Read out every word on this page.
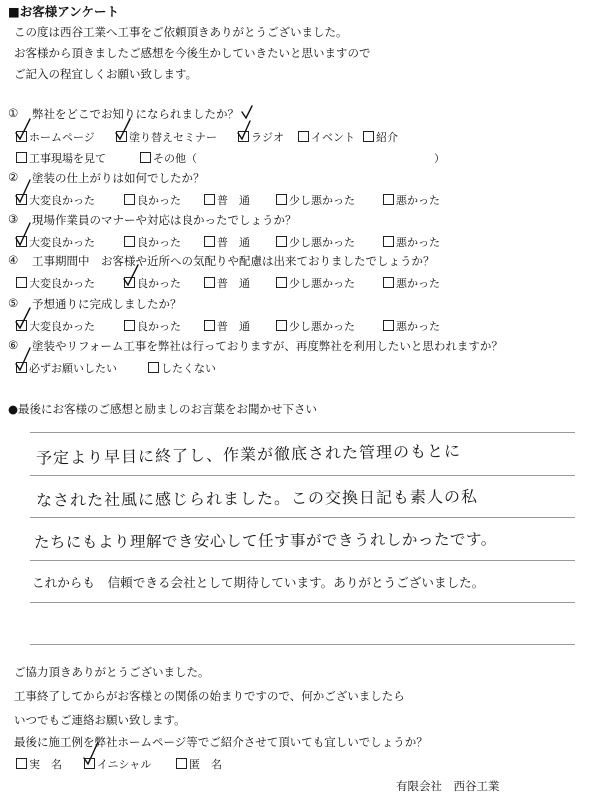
■お客様アンケート
この度は西谷工業へ工事をご依頼頂きありがとうございました。
お客様から頂きましたご感想を今後生かしていきたいと思いますので
ご記入の程宜しくお願い致します。
① 弊社をどこでお知りになられましたか？
ホームページ	塗り替えセミナー	ラジオ	イベント	紹介
工事現場を見て	その他（	）
② 塗装の仕上がりは如何でしたか？
大変良かった	良かった	普　通	少し悪かった	悪かった
③ 現場作業員のマナーや対応は良かったでしょうか？
大変良かった	良かった	普　通	少し悪かった	悪かった
④ 工事期間中　お客様や近所への気配りや配慮は出来ておりましたでしょうか？
大変良かった	良かった	普　通	少し悪かった	悪かった
⑤ 予想通りに完成しましたか？
大変良かった	良かった	普　通	少し悪かった	悪かった
⑥ 塗装やリフォーム工事を弊社は行っておりますが、再度弊社を利用したいと思われますか？
必ずお願いしたい	したくない
●最後にお客様のご感想と励ましのお言葉をお聞かせ下さい
予定より早目に終了し、作業が徹底された管理のもとに
なされた社風に感じられました。この交換日記も素人の私
たちにもより理解でき安心して任す事ができうれしかったです。
これからも　信頼できる会社として期待しています。ありがとうございました。
ご協力頂きありがとうございました。
工事終了してからがお客様との関係の始まりですので、何かございましたら
いつでもご連絡お願い致します。
最後に施工例を弊社ホームページ等でご紹介させて頂いても宜しいでしょうか？
実　名	イニシャル	匿　名
有限会社　西谷工業
